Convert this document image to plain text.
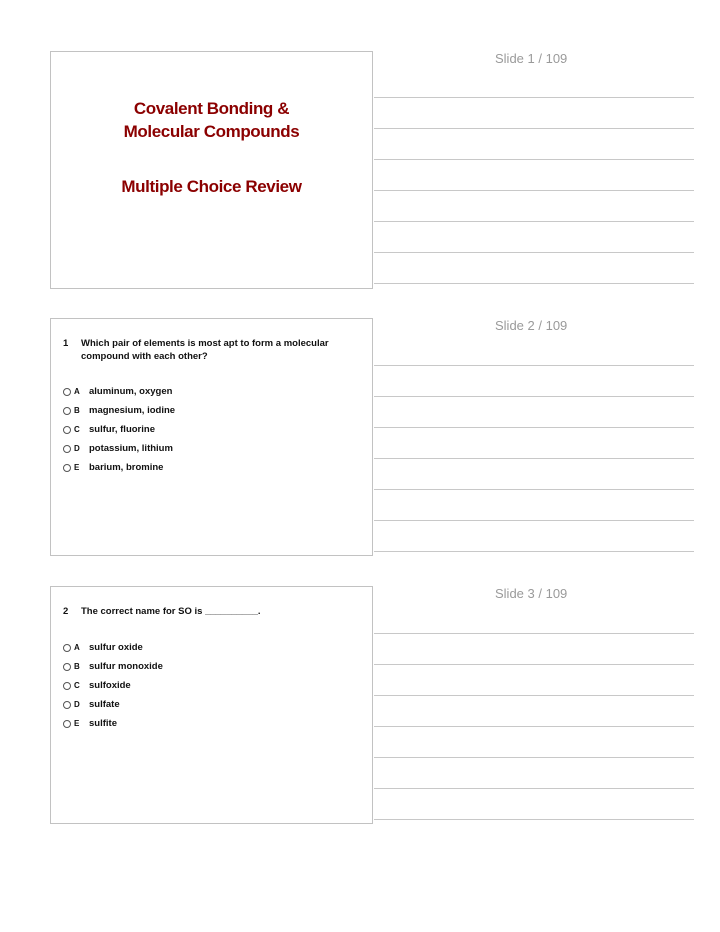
Slide 1 / 109
Covalent Bonding &
Molecular Compounds
Multiple Choice Review
Slide 2 / 109
1	Which pair of elements is most apt to form a molecular compound with each other?
A aluminum, oxygen
B magnesium, iodine
C sulfur, fluorine
D potassium, lithium
E	barium, bromine
Slide 3 / 109
2	The correct name for SO is __________.
A sulfur oxide
B sulfur monoxide
C sulfoxide
D sulfate
E	sulfite
